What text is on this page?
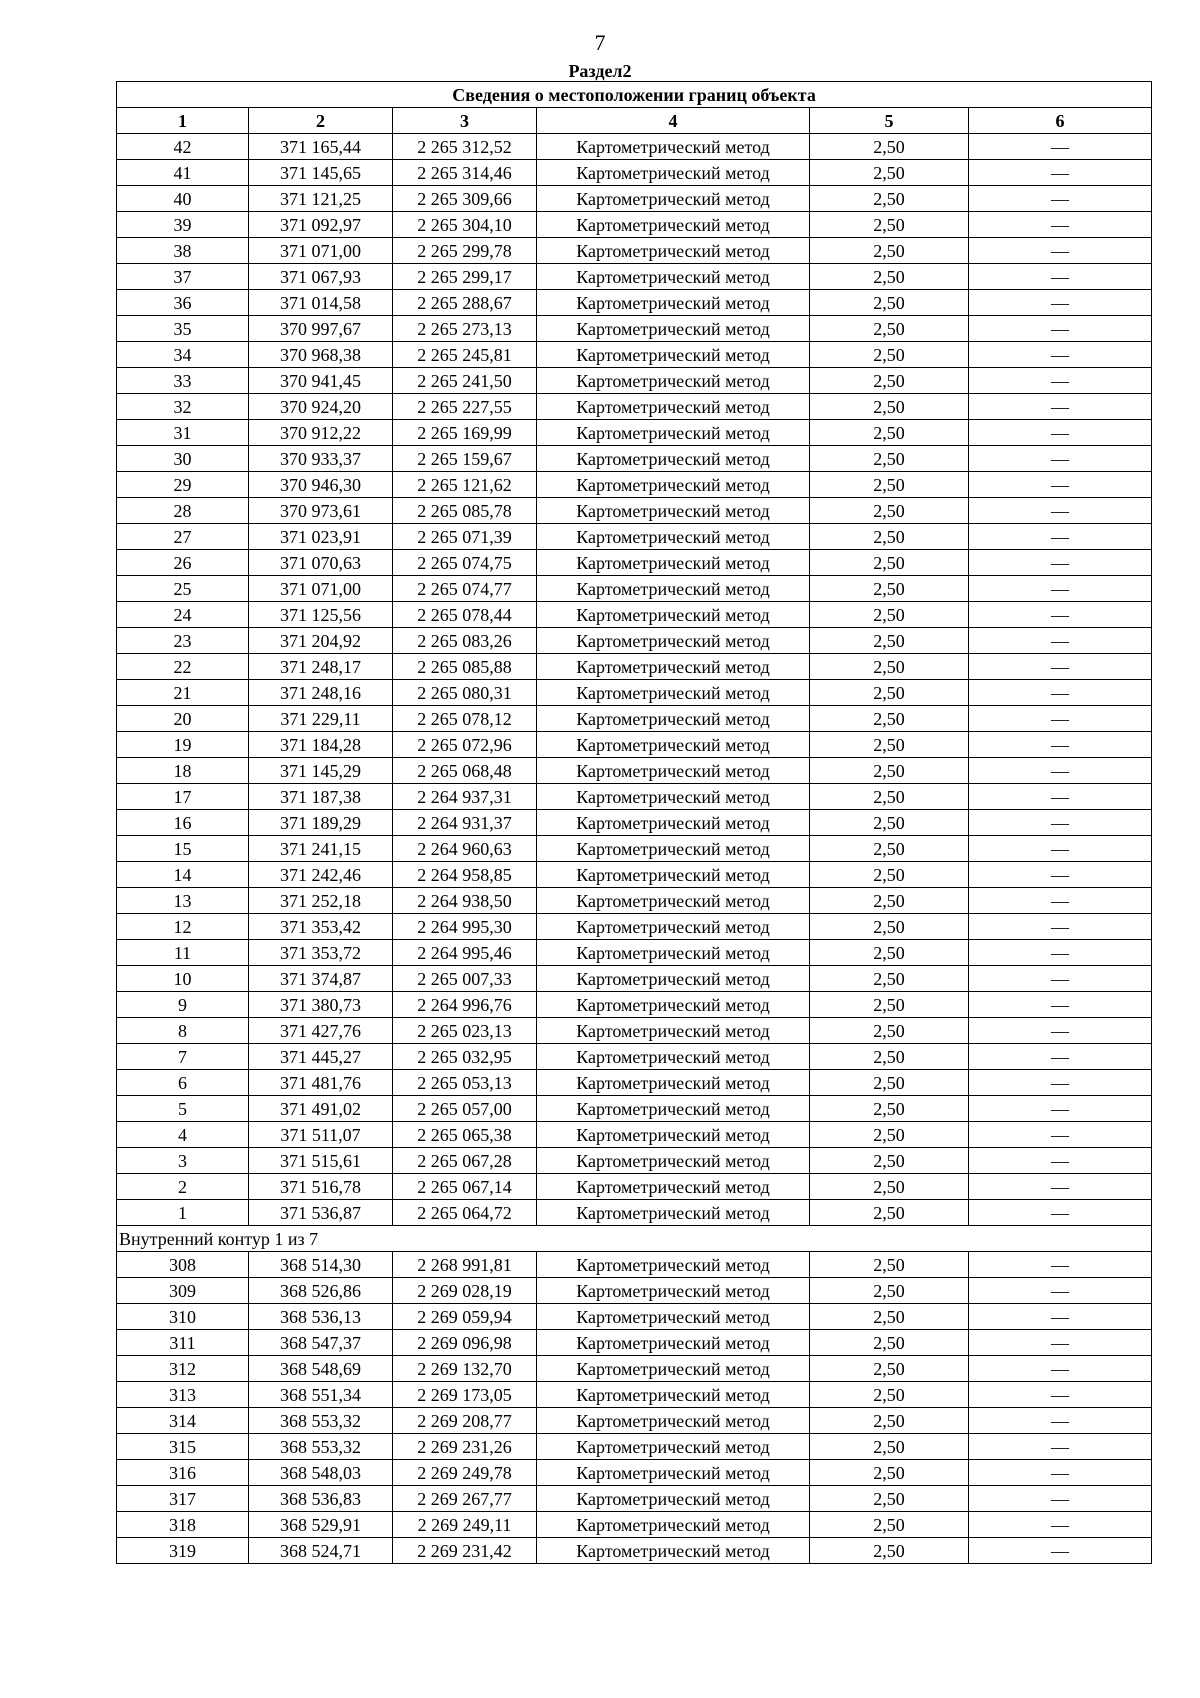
7
Раздел2
Сведения о местоположении границ объекта					
1	2	3	4	5	6
42	371 165,44	2 265 312,52	Картометрический метод	2,50	—
41	371 145,65	2 265 314,46	Картометрический метод	2,50	—
40	371 121,25	2 265 309,66	Картометрический метод	2,50	—
39	371 092,97	2 265 304,10	Картометрический метод	2,50	—
38	371 071,00	2 265 299,78	Картометрический метод	2,50	—
37	371 067,93	2 265 299,17	Картометрический метод	2,50	—
36	371 014,58	2 265 288,67	Картометрический метод	2,50	—
35	370 997,67	2 265 273,13	Картометрический метод	2,50	—
34	370 968,38	2 265 245,81	Картометрический метод	2,50	—
33	370 941,45	2 265 241,50	Картометрический метод	2,50	—
32	370 924,20	2 265 227,55	Картометрический метод	2,50	—
31	370 912,22	2 265 169,99	Картометрический метод	2,50	—
30	370 933,37	2 265 159,67	Картометрический метод	2,50	—
29	370 946,30	2 265 121,62	Картометрический метод	2,50	—
28	370 973,61	2 265 085,78	Картометрический метод	2,50	—
27	371 023,91	2 265 071,39	Картометрический метод	2,50	—
26	371 070,63	2 265 074,75	Картометрический метод	2,50	—
25	371 071,00	2 265 074,77	Картометрический метод	2,50	—
24	371 125,56	2 265 078,44	Картометрический метод	2,50	—
23	371 204,92	2 265 083,26	Картометрический метод	2,50	—
22	371 248,17	2 265 085,88	Картометрический метод	2,50	—
21	371 248,16	2 265 080,31	Картометрический метод	2,50	—
20	371 229,11	2 265 078,12	Картометрический метод	2,50	—
19	371 184,28	2 265 072,96	Картометрический метод	2,50	—
18	371 145,29	2 265 068,48	Картометрический метод	2,50	—
17	371 187,38	2 264 937,31	Картометрический метод	2,50	—
16	371 189,29	2 264 931,37	Картометрический метод	2,50	—
15	371 241,15	2 264 960,63	Картометрический метод	2,50	—
14	371 242,46	2 264 958,85	Картометрический метод	2,50	—
13	371 252,18	2 264 938,50	Картометрический метод	2,50	—
12	371 353,42	2 264 995,30	Картометрический метод	2,50	—
11	371 353,72	2 264 995,46	Картометрический метод	2,50	—
10	371 374,87	2 265 007,33	Картометрический метод	2,50	—
9	371 380,73	2 264 996,76	Картометрический метод	2,50	—
8	371 427,76	2 265 023,13	Картометрический метод	2,50	—
7	371 445,27	2 265 032,95	Картометрический метод	2,50	—
6	371 481,76	2 265 053,13	Картометрический метод	2,50	—
5	371 491,02	2 265 057,00	Картометрический метод	2,50	—
4	371 511,07	2 265 065,38	Картометрический метод	2,50	—
3	371 515,61	2 265 067,28	Картометрический метод	2,50	—
2	371 516,78	2 265 067,14	Картометрический метод	2,50	—
1	371 536,87	2 265 064,72	Картометрический метод	2,50	—
Внутренний контур 1 из 7					
308	368 514,30	2 268 991,81	Картометрический метод	2,50	—
309	368 526,86	2 269 028,19	Картометрический метод	2,50	—
310	368 536,13	2 269 059,94	Картометрический метод	2,50	—
311	368 547,37	2 269 096,98	Картометрический метод	2,50	—
312	368 548,69	2 269 132,70	Картометрический метод	2,50	—
313	368 551,34	2 269 173,05	Картометрический метод	2,50	—
314	368 553,32	2 269 208,77	Картометрический метод	2,50	—
315	368 553,32	2 269 231,26	Картометрический метод	2,50	—
316	368 548,03	2 269 249,78	Картометрический метод	2,50	—
317	368 536,83	2 269 267,77	Картометрический метод	2,50	—
318	368 529,91	2 269 249,11	Картометрический метод	2,50	—
319	368 524,71	2 269 231,42	Картометрический метод	2,50	—
